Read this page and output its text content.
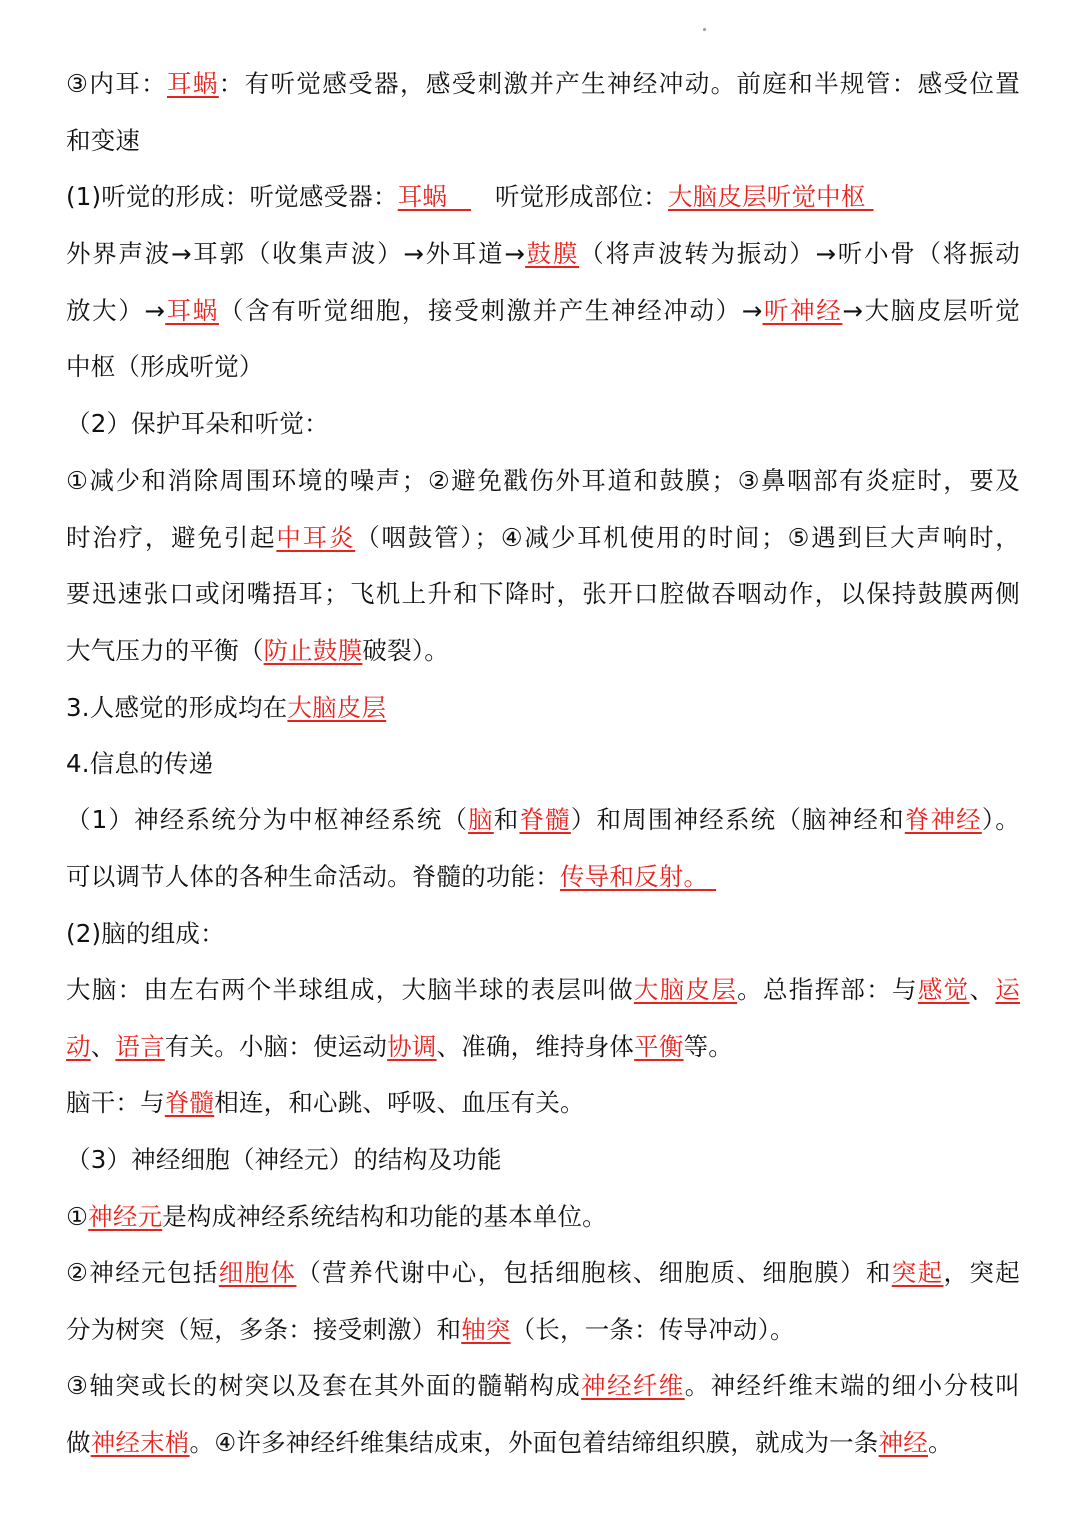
③内耳：耳蜗：有听觉感受器，感受刺激并产生神经冲动。前庭和半规管：感受位置
和变速
(1)听觉的形成：听觉感受器：耳蜗      听觉形成部位：大脑皮层听觉中枢
外界声波→耳郭（收集声波）→外耳道→鼓膜（将声波转为振动）→听小骨（将振动
放大）→耳蜗（含有听觉细胞，接受刺激并产生神经冲动）→听神经→大脑皮层听觉
中枢（形成听觉）
（2）保护耳朵和听觉：
①减少和消除周围环境的噪声；②避免戳伤外耳道和鼓膜；③鼻咽部有炎症时，要及
时治疗，避免引起中耳炎（咽鼓管）；④减少耳机使用的时间；⑤遇到巨大声响时，
要迅速张口或闭嘴捂耳；飞机上升和下降时，张开口腔做吞咽动作，以保持鼓膜两侧
大气压力的平衡（防止鼓膜破裂）。
3.人感觉的形成均在大脑皮层
4.信息的传递
（1）神经系统分为中枢神经系统（脑和脊髓）和周围神经系统（脑神经和脊神经）。
可以调节人体的各种生命活动。脊髓的功能：传导和反射。
(2)脑的组成：
大脑：由左右两个半球组成，大脑半球的表层叫做大脑皮层。总指挥部：与感觉、运
动、语言有关。小脑：使运动协调、准确，维持身体平衡等。
脑干：与脊髓相连，和心跳、呼吸、血压有关。
（3）神经细胞（神经元）的结构及功能
①神经元是构成神经系统结构和功能的基本单位。
②神经元包括细胞体（营养代谢中心，包括细胞核、细胞质、细胞膜）和突起，突起
分为树突（短，多条：接受刺激）和轴突（长，一条：传导冲动）。
③轴突或长的树突以及套在其外面的髓鞘构成神经纤维。神经纤维末端的细小分枝叫
做神经末梢。④许多神经纤维集结成束，外面包着结缔组织膜，就成为一条神经。
